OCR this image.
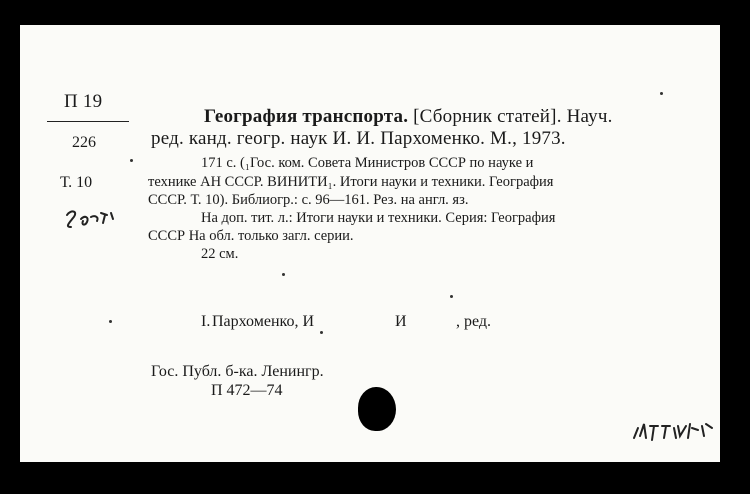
П 19
226
Т. 10
География транспорта. [Сборник статей]. Науч.
ред. канд. геогр. наук И. И. Пархоменко. М., 1973.
171 с. (₁Гос. ком. Совета Министров СССР по науке и
технике АН СССР. ВИНИТИ₁. Итоги науки и техники. География
СССР. Т. 10). Библиогр.: с. 96—161. Рез. на англ. яз.
На доп. тит. л.: Итоги науки и техники. Серия: География
СССР На обл. только загл. серии.
22 см.
I. Пархоменко, И	И	, ред.
Гос. Публ. б-ка. Ленингр.
П 472—74
